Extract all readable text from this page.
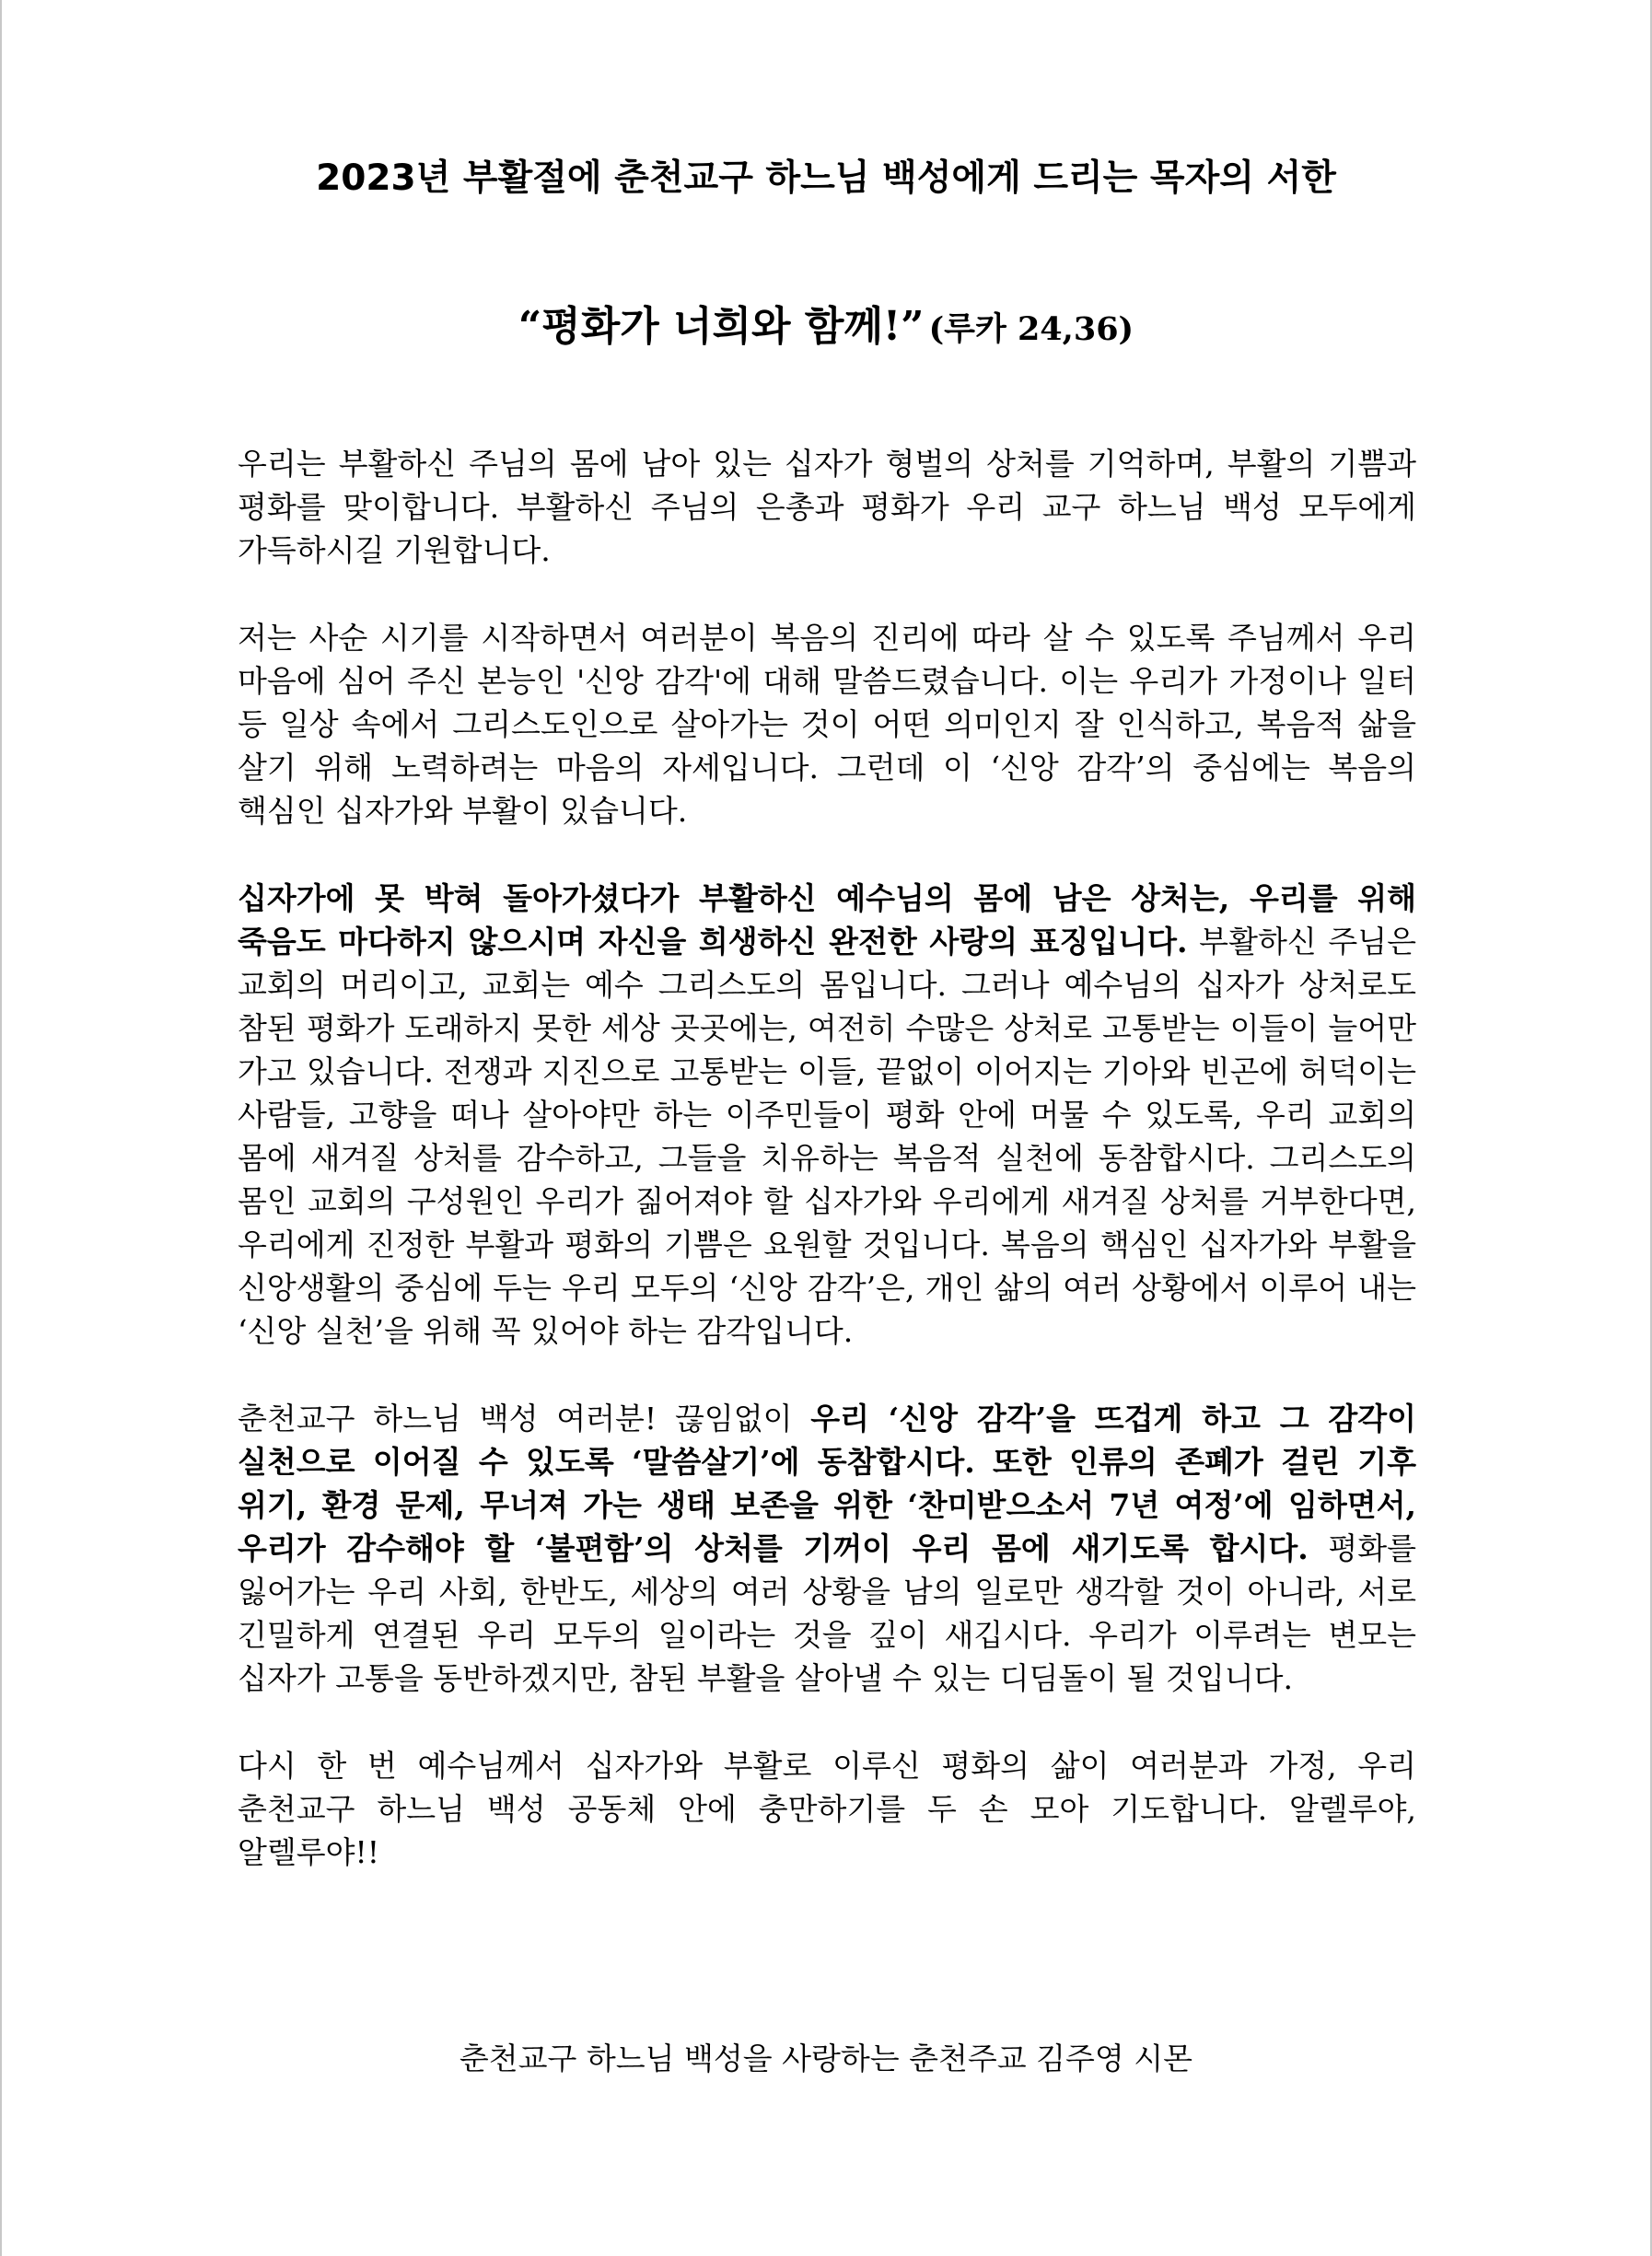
2023년 부활절에 춘천교구 하느님 백성에게 드리는 목자의 서한
“평화가 너희와 함께!” (루카 24,36)

우리는 부활하신 주님의 몸에 남아 있는 십자가 형벌의 상처를 기억하며, 부활의 기쁨과 평화를 맞이합니다. 부활하신 주님의 은총과 평화가 우리 교구 하느님 백성 모두에게 가득하시길 기원합니다.

저는 사순 시기를 시작하면서 여러분이 복음의 진리에 따라 살 수 있도록 주님께서 우리 마음에 심어 주신 본능인 '신앙 감각'에 대해 말씀드렸습니다. 이는 우리가 가정이나 일터 등 일상 속에서 그리스도인으로 살아가는 것이 어떤 의미인지 잘 인식하고, 복음적 삶을 살기 위해 노력하려는 마음의 자세입니다. 그런데 이 ‘신앙 감각’의 중심에는 복음의 핵심인 십자가와 부활이 있습니다.

십자가에 못 박혀 돌아가셨다가 부활하신 예수님의 몸에 남은 상처는, 우리를 위해 죽음도 마다하지 않으시며 자신을 희생하신 완전한 사랑의 표징입니다. 부활하신 주님은 교회의 머리이고, 교회는 예수 그리스도의 몸입니다. 그러나 예수님의 십자가 상처로도 참된 평화가 도래하지 못한 세상 곳곳에는, 여전히 수많은 상처로 고통받는 이들이 늘어만 가고 있습니다. 전쟁과 지진으로 고통받는 이들, 끝없이 이어지는 기아와 빈곤에 허덕이는 사람들, 고향을 떠나 살아야만 하는 이주민들이 평화 안에 머물 수 있도록, 우리 교회의 몸에 새겨질 상처를 감수하고, 그들을 치유하는 복음적 실천에 동참합시다. 그리스도의 몸인 교회의 구성원인 우리가 짊어져야 할 십자가와 우리에게 새겨질 상처를 거부한다면, 우리에게 진정한 부활과 평화의 기쁨은 요원할 것입니다. 복음의 핵심인 십자가와 부활을 신앙생활의 중심에 두는 우리 모두의 ‘신앙 감각’은, 개인 삶의 여러 상황에서 이루어 내는 ‘신앙 실천’을 위해 꼭 있어야 하는 감각입니다.

춘천교구 하느님 백성 여러분! 끊임없이 우리 ‘신앙 감각’을 뜨겁게 하고 그 감각이 실천으로 이어질 수 있도록 ‘말씀살기’에 동참합시다. 또한 인류의 존폐가 걸린 기후 위기, 환경 문제, 무너져 가는 생태 보존을 위한 ‘찬미받으소서 7년 여정’에 임하면서, 우리가 감수해야 할 ‘불편함’의 상처를 기꺼이 우리 몸에 새기도록 합시다. 평화를 잃어가는 우리 사회, 한반도, 세상의 여러 상황을 남의 일로만 생각할 것이 아니라, 서로 긴밀하게 연결된 우리 모두의 일이라는 것을 깊이 새깁시다. 우리가 이루려는 변모는 십자가 고통을 동반하겠지만, 참된 부활을 살아낼 수 있는 디딤돌이 될 것입니다.

다시 한 번 예수님께서 십자가와 부활로 이루신 평화의 삶이 여러분과 가정, 우리 춘천교구 하느님 백성 공동체 안에 충만하기를 두 손 모아 기도합니다. 알렐루야, 알렐루야!!

춘천교구 하느님 백성을 사랑하는 춘천주교 김주영 시몬
